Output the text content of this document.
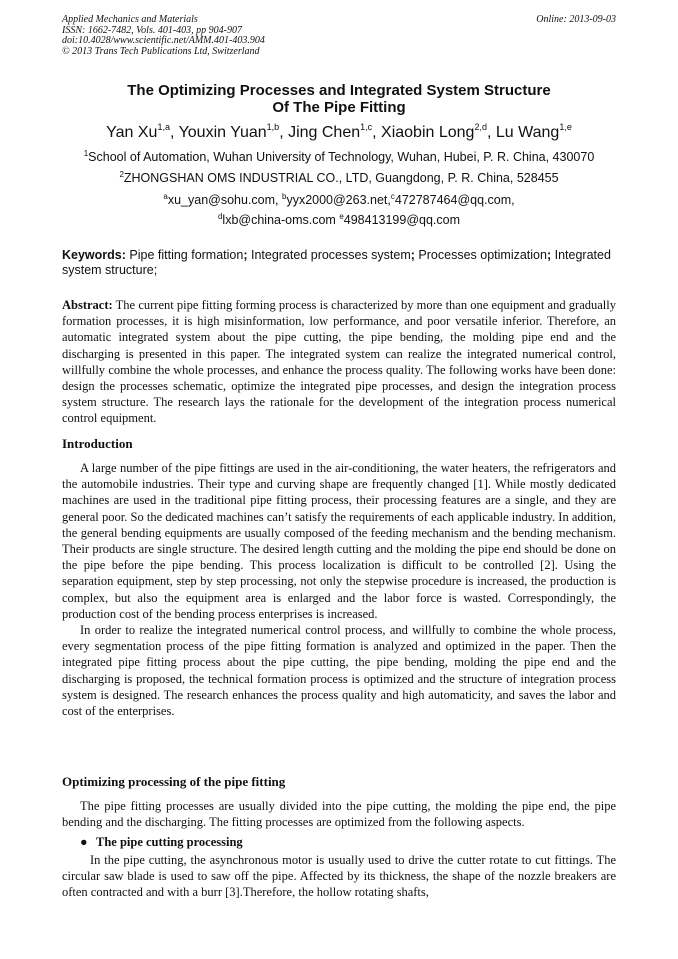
Applied Mechanics and Materials
ISSN: 1662-7482, Vols. 401-403, pp 904-907
doi:10.4028/www.scientific.net/AMM.401-403.904
© 2013 Trans Tech Publications Ltd, Switzerland
Online: 2013-09-03
The Optimizing Processes and Integrated System Structure
Of The Pipe Fitting
Yan Xu$^{1,a}$, Youxin Yuan$^{1,b}$, Jing Chen$^{1,c}$, Xiaobin Long$^{2,d}$, Lu Wang$^{1,e}$
$^1$School of Automation, Wuhan University of Technology, Wuhan, Hubei, P. R. China, 430070
$^2$ZHONGSHAN OMS INDUSTRIAL CO., LTD, Guangdong, P. R. China, 528455
$^a$xu_yan@sohu.com, $^b$yyx2000@263.net,$^c$472787464@qq.com,
$^d$lxb@china-oms.com $^e$498413199@qq.com
Keywords: Pipe fitting formation; Integrated processes system; Processes optimization; Integrated system structure;
Abstract: The current pipe fitting forming process is characterized by more than one equipment and gradually formation processes, it is high misinformation, low performance, and poor versatile inferior. Therefore, an automatic integrated system about the pipe cutting, the pipe bending, the molding pipe end and the discharging is presented in this paper. The integrated system can realize the integrated numerical control, willfully combine the whole processes, and enhance the process quality. The following works have been done: design the processes schematic, optimize the integrated pipe processes, and design the integration process system structure. The research lays the rationale for the development of the integration process numerical control equipment.
Introduction

A large number of the pipe fittings are used in the air-conditioning, the water heaters, the refrigerators and the automobile industries. Their type and curving shape are frequently changed [1]. While mostly dedicated machines are used in the traditional pipe fitting process, their processing features are a single, and they are general poor. So the dedicated machines can’t satisfy the requirements of each applicable industry. In addition, the general bending equipments are usually composed of the feeding mechanism and the bending mechanism. Their products are single structure. The desired length cutting and the molding the pipe end should be done on the pipe before the pipe bending. This process localization is difficult to be controlled [2]. Using the separation equipment, step by step processing, not only the stepwise procedure is increased, the production is complex, but also the equipment area is enlarged and the labor force is wasted. Correspondingly, the production cost of the bending process enterprises is increased.

In order to realize the integrated numerical control process, and willfully to combine the whole process, every segmentation process of the pipe fitting formation is analyzed and optimized in the paper. Then the integrated pipe fitting process about the pipe cutting, the pipe bending, molding the pipe end and the discharging is proposed, the technical formation process is optimized and the structure of integration process system is designed. The research enhances the process quality and high automaticity, and saves the labor and cost of the enterprises.

Optimizing processing of the pipe fitting

The pipe fitting processes are usually divided into the pipe cutting, the molding the pipe end, the pipe bending and the discharging. The fitting processes are optimized from the following aspects.

● The pipe cutting processing

In the pipe cutting, the asynchronous motor is usually used to drive the cutter rotate to cut fittings. The circular saw blade is used to saw off the pipe. Affected by its thickness, the shape of the nozzle breakers are often contracted and with a burr [3].Therefore, the hollow rotating shafts,
